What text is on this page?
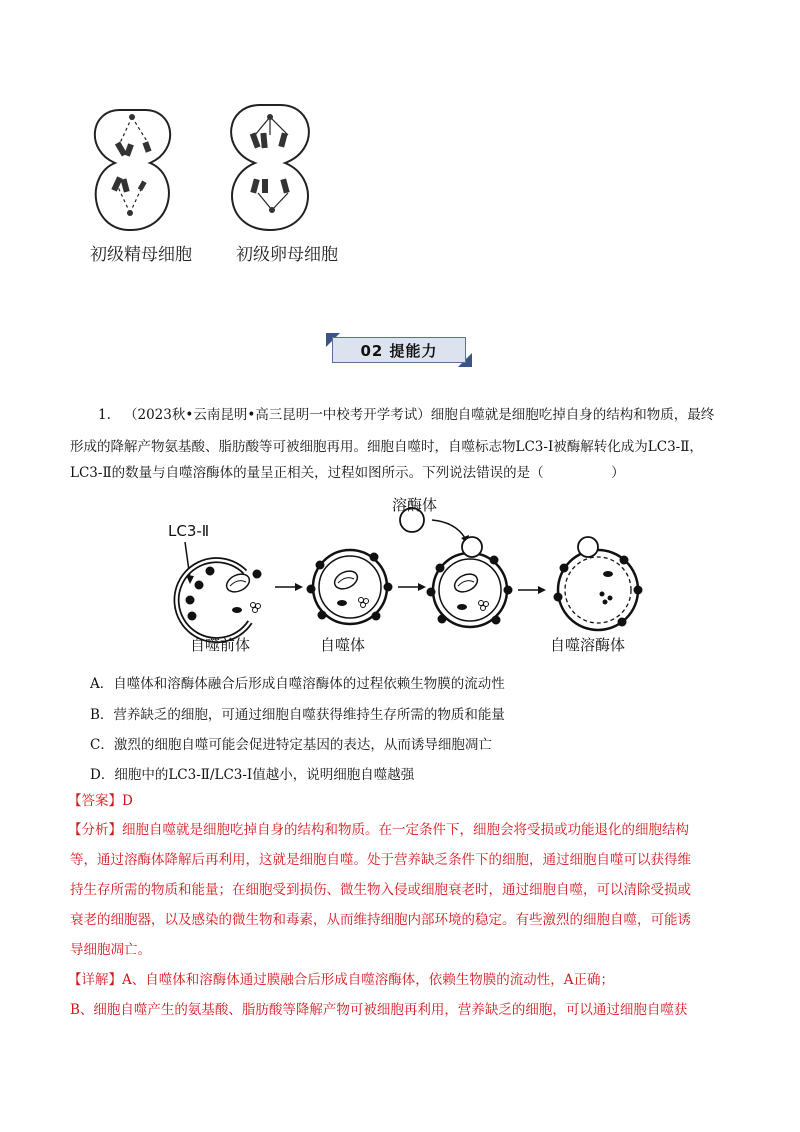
初级精母细胞	初级卵母细胞
02 提能力
1. （2023秋•云南昆明•高三昆明一中校考开学考试）细胞自噬就是细胞吃掉自身的结构和物质，最终
形成的降解产物氨基酸、脂肪酸等可被细胞再用。细胞自噬时，自噬标志物LC3-Ⅰ被酶解转化成为LC3-Ⅱ，
LC3-Ⅱ的数量与自噬溶酶体的量呈正相关，过程如图所示。下列说法错误的是（　　　　　）
溶酶体
LC3-Ⅱ
自噬前体	自噬体	自噬溶酶体
A．自噬体和溶酶体融合后形成自噬溶酶体的过程依赖生物膜的流动性
B．营养缺乏的细胞，可通过细胞自噬获得维持生存所需的物质和能量
C．激烈的细胞自噬可能会促进特定基因的表达，从而诱导细胞凋亡
D．细胞中的LC3-Ⅱ/LC3-Ⅰ值越小，说明细胞自噬越强
【答案】D
【分析】细胞自噬就是细胞吃掉自身的结构和物质。在一定条件下，细胞会将受损或功能退化的细胞结构
等，通过溶酶体降解后再利用，这就是细胞自噬。处于营养缺乏条件下的细胞，通过细胞自噬可以获得维
持生存所需的物质和能量；在细胞受到损伤、微生物入侵或细胞衰老时，通过细胞自噬，可以清除受损或
衰老的细胞器，以及感染的微生物和毒素，从而维持细胞内部环境的稳定。有些激烈的细胞自噬，可能诱
导细胞凋亡。
【详解】A、自噬体和溶酶体通过膜融合后形成自噬溶酶体，依赖生物膜的流动性，A正确；
B、细胞自噬产生的氨基酸、脂肪酸等降解产物可被细胞再利用，营养缺乏的细胞，可以通过细胞自噬获
